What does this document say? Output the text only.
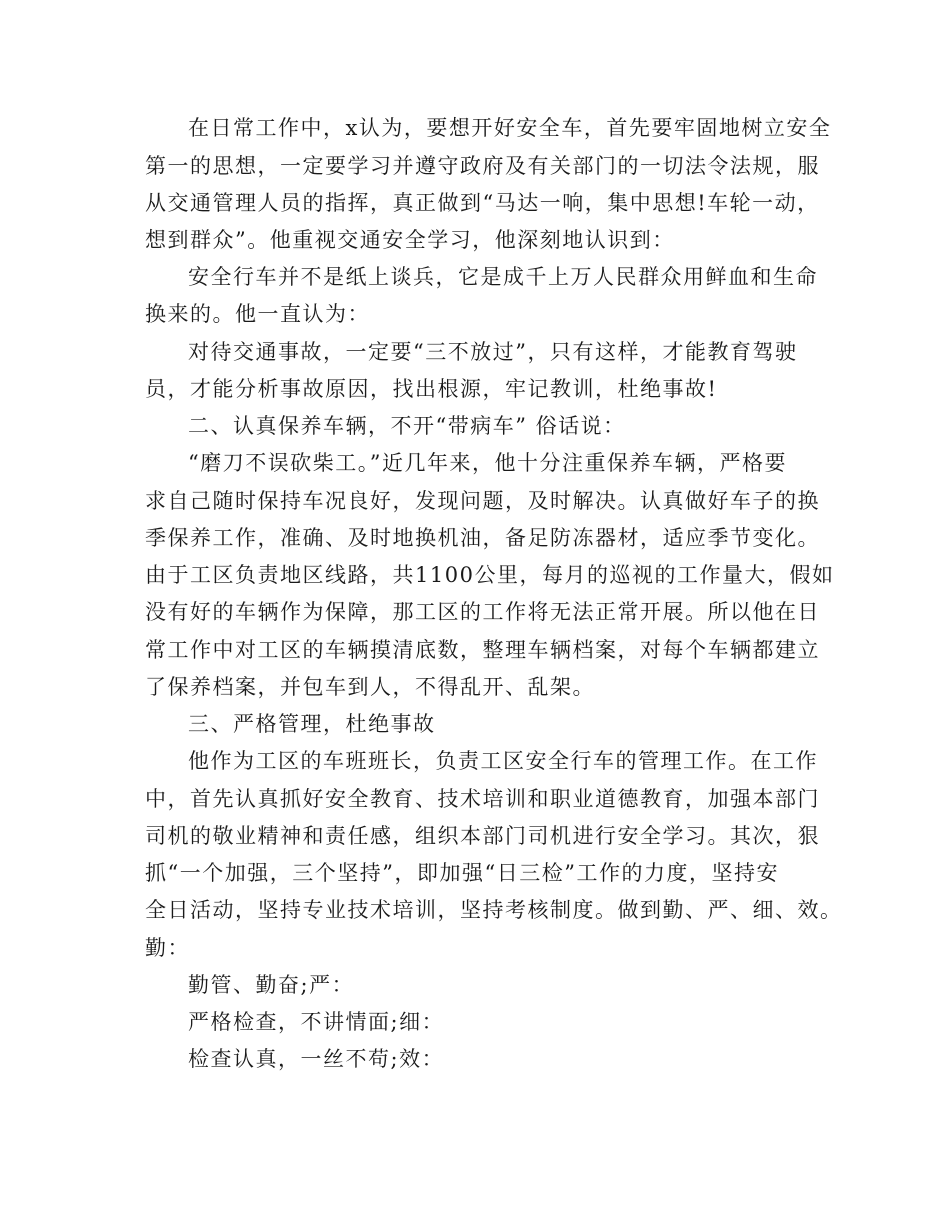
在日常工作中，x认为，要想开好安全车，首先要牢固地树立安全
第一的思想，一定要学习并遵守政府及有关部门的一切法令法规，服
从交通管理人员的指挥，真正做到“马达一响，集中思想!车轮一动，
想到群众”。他重视交通安全学习，他深刻地认识到：
安全行车并不是纸上谈兵，它是成千上万人民群众用鲜血和生命
换来的。他一直认为：
对待交通事故，一定要“三不放过”，只有这样，才能教育驾驶
员，才能分析事故原因，找出根源，牢记教训，杜绝事故!
二、认真保养车辆，不开“带病车” 俗话说：
“磨刀不误砍柴工。”近几年来，他十分注重保养车辆，严格要
求自己随时保持车况良好，发现问题，及时解决。认真做好车子的换
季保养工作，准确、及时地换机油，备足防冻器材，适应季节变化。
由于工区负责地区线路，共1100公里，每月的巡视的工作量大，假如
没有好的车辆作为保障，那工区的工作将无法正常开展。所以他在日
常工作中对工区的车辆摸清底数，整理车辆档案，对每个车辆都建立
了保养档案，并包车到人，不得乱开、乱架。
三、严格管理，杜绝事故
他作为工区的车班班长，负责工区安全行车的管理工作。在工作
中，首先认真抓好安全教育、技术培训和职业道德教育，加强本部门
司机的敬业精神和责任感，组织本部门司机进行安全学习。其次，狠
抓“一个加强，三个坚持”，即加强“日三检”工作的力度，坚持安
全日活动，坚持专业技术培训，坚持考核制度。做到勤、严、细、效。
勤：
勤管、勤奋;严：
严格检查，不讲情面;细：
检查认真，一丝不苟;效：
